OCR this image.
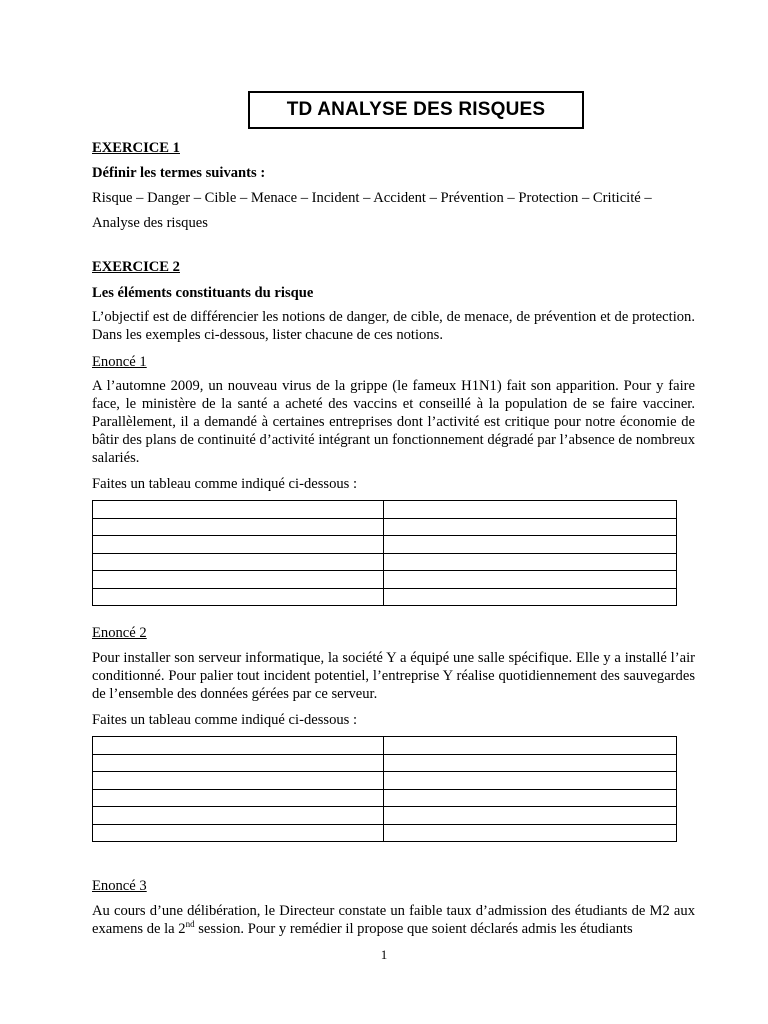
TD ANALYSE DES RISQUES

EXERCICE 1

Définir les termes suivants :

Risque – Danger – Cible – Menace – Incident – Accident – Prévention – Protection – Criticité –

Analyse des risques

EXERCICE 2

Les éléments constituants du risque

L’objectif est de différencier les notions de danger, de cible, de menace, de prévention et de protection. Dans les exemples ci-dessous, lister chacune de ces notions.

Enoncé 1

A l’automne 2009, un nouveau virus de la grippe (le fameux H1N1) fait son apparition. Pour y faire face, le ministère de la santé a acheté des vaccins et conseillé à la population de se faire vacciner. Parallèlement, il a demandé à certaines entreprises dont l’activité est critique pour notre économie de bâtir des plans de continuité d’activité intégrant un fonctionnement dégradé par l’absence de nombreux salariés.

Faites un tableau comme indiqué ci-dessous :

Enoncé 2

Pour installer son serveur informatique, la société Y a équipé une salle spécifique. Elle y a installé l’air conditionné. Pour palier tout incident potentiel, l’entreprise Y réalise quotidiennement des sauvegardes de l’ensemble des données gérées par ce serveur.

Faites un tableau comme indiqué ci-dessous :

Enoncé 3

Au cours d’une délibération, le Directeur constate un faible taux d’admission des étudiants de M2 aux examens de la 2nd session. Pour y remédier il propose que soient déclarés admis les étudiants

1
